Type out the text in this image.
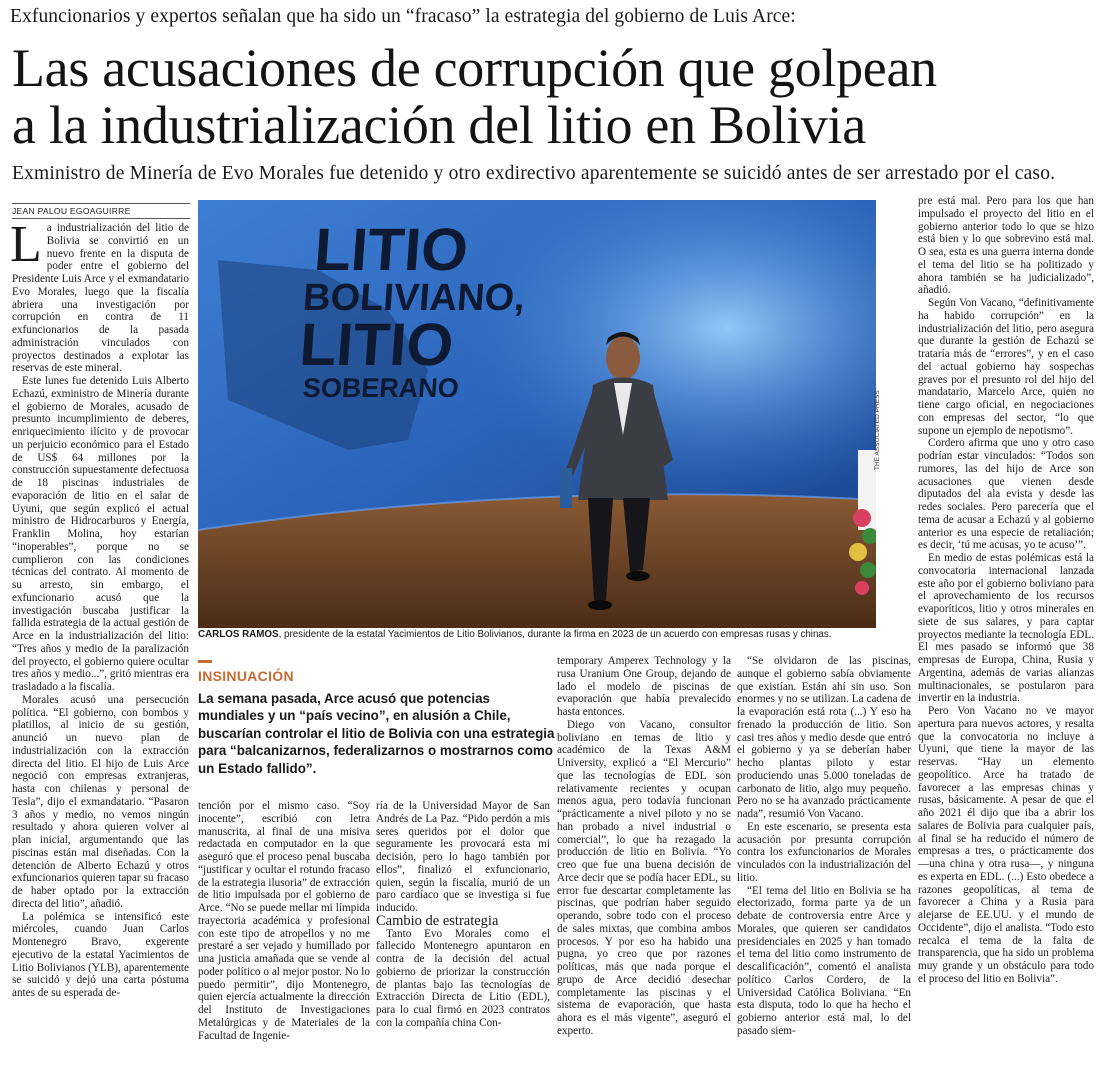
Exfuncionarios y expertos señalan que ha sido un “fracaso” la estrategia del gobierno de Luis Arce:
Las acusaciones de corrupción que golpean
a la industrialización del litio en Bolivia
Exministro de Minería de Evo Morales fue detenido y otro exdirectivo aparentemente se suicidó antes de ser arrestado por el caso.
JEAN PALOU EGOAGUIRRE

La industrialización del litio de Bolivia se convirtió en un nuevo frente en la disputa de poder entre el gobierno del Presidente Luis Arce y el exmandatario Evo Morales, luego que la fiscalía abriera una investigación por corrupción en contra de 11 exfuncionarios de la pasada administración vinculados con proyectos destinados a explotar las reservas de este mineral.

Este lunes fue detenido Luis Alberto Echazú, exministro de Minería durante el gobierno de Morales, acusado de presunto incumplimiento de deberes, enriquecimiento ilícito y de provocar un perjuicio económico para el Estado de US$ 64 millones por la construcción supuestamente defectuosa de 18 piscinas industriales de evaporación de litio en el salar de Uyuni, que según explicó el actual ministro de Hidrocarburos y Energía, Franklin Molina, hoy estarían “inoperables”, porque no se cumplieron con las condiciones técnicas del contrato. Al momento de su arresto, sin embargo, el exfuncionario acusó que la investigación buscaba justificar la fallida estrategia de la actual gestión de Arce en la industrialización del litio: “Tres años y medio de la paralización del proyecto, el gobierno quiere ocultar tres años y medio...”, gritó mientras era trasladado a la fiscalía.

Morales acusó una persecución política. “El gobierno, con bombos y platillos, al inicio de su gestión, anunció un nuevo plan de industrialización con la extracción directa del litio. El hijo de Luis Arce negoció con empresas extranjeras, hasta con chilenas y personal de Tesla”, dijo el exmandatario. “Pasaron 3 años y medio, no vemos ningún resultado y ahora quieren volver al plan inicial, argumentando que las piscinas están mal diseñadas. Con la detención de Alberto Echazú y otros exfuncionarios quieren tapar su fracaso de haber optado por la extracción directa del litio”, añadió.

La polémica se intensificó este miércoles, cuando Juan Carlos Montenegro Bravo, exgerente ejecutivo de la estatal Yacimientos de Litio Bolivianos (YLB), aparentemente se suicidó y dejó una carta póstuma antes de su esperada de-

LITIO
BOLIVIANO,
LITIO
SOBERANO
THE ASSOCIATED PRESS
CARLOS RAMOS, presidente de la estatal Yacimientos de Litio Bolivianos, durante la firma en 2023 de un acuerdo con empresas rusas y chinas.
INSINUACIÓN
La semana pasada, Arce acusó que potencias mundiales y un “país vecino”, en alusión a Chile, buscarían controlar el litio de Bolivia con una estrategia para “balcanizarnos, federalizarnos o mostrarnos como un Estado fallido”.

tención por el mismo caso. “Soy inocente”, escribió con letra manuscrita, al final de una misiva redactada en computador en la que aseguró que el proceso penal buscaba “justificar y ocultar el rotundo fracaso de la estrategia ilusoria” de extracción de litio impulsada por el gobierno de Arce. “No se puede mellar mi límpida trayectoria académica y profesional con este tipo de atropellos y no me prestaré a ser vejado y humillado por una justicia amañada que se vende al poder político o al mejor postor. No lo puedo permitir”, dijo Montenegro, quien ejercía actualmente la dirección del Instituto de Investigaciones Metalúrgicas y de Materiales de la Facultad de Ingenie-

ría de la Universidad Mayor de San Andrés de La Paz. “Pido perdón a mis seres queridos por el dolor que seguramente les provocará esta mi decisión, pero lo hago también por ellos”, finalizó el exfuncionario, quien, según la fiscalía, murió de un paro cardíaco que se investiga si fue inducido.

Cambio de estrategia

Tanto Evo Morales como el fallecido Montenegro apuntaron en contra de la decisión del actual gobierno de priorizar la construcción de plantas bajo las tecnologías de Extracción Directa de Litio (EDL), para lo cual firmó en 2023 contratos con la compañía china Con-

temporary Amperex Technology y la rusa Uranium One Group, dejando de lado el modelo de piscinas de evaporación que había prevalecido hasta entonces.

Diego von Vacano, consultor boliviano en temas de litio y académico de la Texas A&M University, explicó a “El Mercurio” que las tecnologías de EDL son relativamente recientes y ocupan menos agua, pero todavía funcionan “prácticamente a nivel piloto y no se han probado a nivel industrial o comercial”, lo que ha rezagado la producción de litio en Bolivia. “Yo creo que fue una buena decisión de Arce decir que se podía hacer EDL, su error fue descartar completamente las piscinas, que podrían haber seguido operando, sobre todo con el proceso de sales mixtas, que combina ambos procesos. Y por eso ha habido una pugna, yo creo que por razones políticas, más que nada porque el grupo de Arce decidió desechar completamente las piscinas y el sistema de evaporación, que hasta ahora es el más vigente”, aseguró el experto.

“Se olvidaron de las piscinas, aunque el gobierno sabía obviamente que existían. Están ahí sin uso. Son enormes y no se utilizan. La cadena de la evaporación está rota (...) Y eso ha frenado la producción de litio. Son casi tres años y medio desde que entró el gobierno y ya se deberían haber hecho plantas piloto y estar produciendo unas 5.000 toneladas de carbonato de litio, algo muy pequeño. Pero no se ha avanzado prácticamente nada”, resumió Von Vacano.

En este escenario, se presenta esta acusación por presunta corrupción contra los exfuncionarios de Morales vinculados con la industrialización del litio.

“El tema del litio en Bolivia se ha electorizado, forma parte ya de un debate de controversia entre Arce y Morales, que quieren ser candidatos presidenciales en 2025 y han tomado el tema del litio como instrumento de descalificación”, comentó el analista político Carlos Cordero, de la Universidad Católica Boliviana. “En esta disputa, todo lo que ha hecho el gobierno anterior está mal, lo del pasado siem-

pre está mal. Pero para los que han impulsado el proyecto del litio en el gobierno anterior todo lo que se hizo está bien y lo que sobrevino está mal. O sea, esta es una guerra interna donde el tema del litio se ha politizado y ahora también se ha judicializado”, añadió.

Según Von Vacano, “definitivamente ha habido corrupción” en la industrialización del litio, pero asegura que durante la gestión de Echazú se trataría más de “errores”, y en el caso del actual gobierno hay sospechas graves por el presunto rol del hijo del mandatario, Marcelo Arce, quien no tiene cargo oficial, en negociaciones con empresas del sector, “lo que supone un ejemplo de nepotismo”.

Cordero afirma que uno y otro caso podrían estar vinculados: “Todos son rumores, las del hijo de Arce son acusaciones que vienen desde diputados del ala evista y desde las redes sociales. Pero parecería que el tema de acusar a Echazú y al gobierno anterior es una especie de retaliación; es decir, ‘tú me acusas, yo te acuso’”.

En medio de estas polémicas está la convocatoria internacional lanzada este año por el gobierno boliviano para el aprovechamiento de los recursos evaporíticos, litio y otros minerales en siete de sus salares, y para captar proyectos mediante la tecnología EDL. El mes pasado se informó que 38 empresas de Europa, China, Rusia y Argentina, además de varias alianzas multinacionales, se postularon para invertir en la industria.

Pero Von Vacano no ve mayor apertura para nuevos actores, y resalta que la convocatoria no incluye a Uyuni, que tiene la mayor de las reservas. “Hay un elemento geopolítico. Arce ha tratado de favorecer a las empresas chinas y rusas, básicamente. A pesar de que el año 2021 él dijo que iba a abrir los salares de Bolivia para cualquier país, al final se ha reducido el número de empresas a tres, o prácticamente dos —una china y otra rusa—, y ninguna es experta en EDL. (...) Esto obedece a razones geopolíticas, al tema de favorecer a China y a Rusia para alejarse de EE.UU. y el mundo de Occidente”, dijo el analista. “Todo esto recalca el tema de la falta de transparencia, que ha sido un problema muy grande y un obstáculo para todo el proceso del litio en Bolivia”.
